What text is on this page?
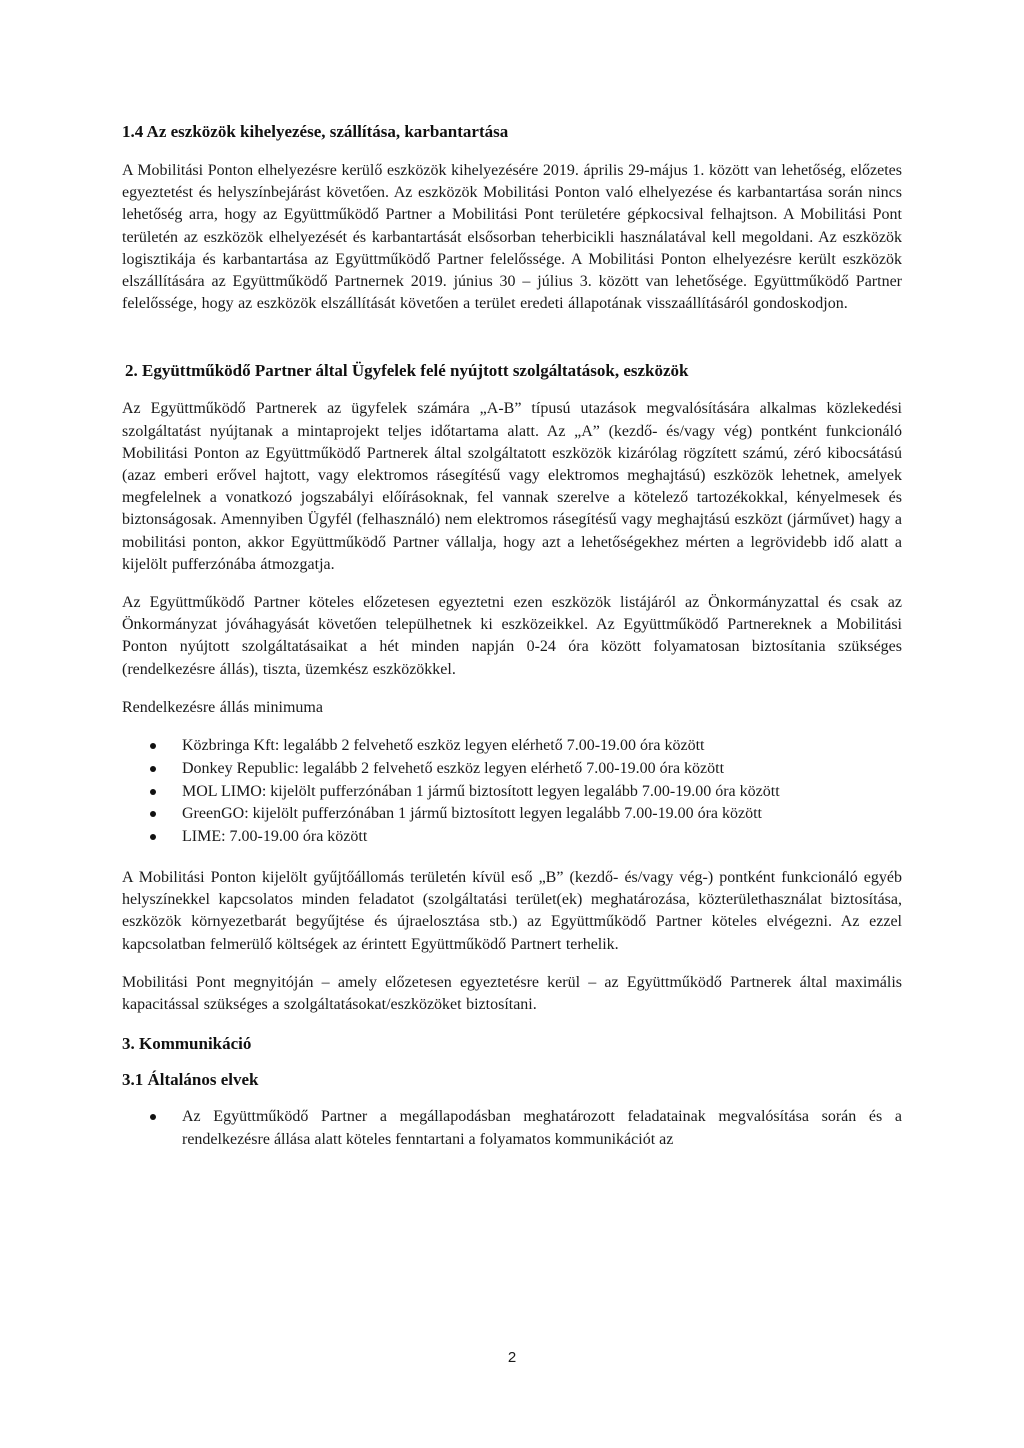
1.4 Az eszközök kihelyezése, szállítása, karbantartása

A Mobilitási Ponton elhelyezésre kerülő eszközök kihelyezésére 2019. április 29-május 1. között van lehetőség, előzetes egyeztetést és helyszínbejárást követően. Az eszközök Mobilitási Ponton való elhelyezése és karbantartása során nincs lehetőség arra, hogy az Együttműködő Partner a Mobilitási Pont területére gépkocsival felhajtson. A Mobilitási Pont területén az eszközök elhelyezését és karbantartását elsősorban teherbicikli használatával kell megoldani. Az eszközök logisztikája és karbantartása az Együttműködő Partner felelőssége. A Mobilitási Ponton elhelyezésre került eszközök elszállítására az Együttműködő Partnernek 2019. június 30 – július 3. között van lehetősége. Együttműködő Partner felelőssége, hogy az eszközök elszállítását követően a terület eredeti állapotának visszaállításáról gondoskodjon.

2. Együttműködő Partner által Ügyfelek felé nyújtott szolgáltatások, eszközök

Az Együttműködő Partnerek az ügyfelek számára „A-B” típusú utazások megvalósítására alkalmas közlekedési szolgáltatást nyújtanak a mintaprojekt teljes időtartama alatt. Az „A” (kezdő- és/vagy vég) pontként funkcionáló Mobilitási Ponton az Együttműködő Partnerek által szolgáltatott eszközök kizárólag rögzített számú, zéró kibocsátású (azaz emberi erővel hajtott, vagy elektromos rásegítésű vagy elektromos meghajtású) eszközök lehetnek, amelyek megfelelnek a vonatkozó jogszabályi előírásoknak, fel vannak szerelve a kötelező tartozékokkal, kényelmesek és biztonságosak. Amennyiben Ügyfél (felhasználó) nem elektromos rásegítésű vagy meghajtású eszközt (járművet) hagy a mobilitási ponton, akkor Együttműködő Partner vállalja, hogy azt a lehetőségekhez mérten a legrövidebb idő alatt a kijelölt pufferzónába átmozgatja.

Az Együttműködő Partner köteles előzetesen egyeztetni ezen eszközök listájáról az Önkormányzattal és csak az Önkormányzat jóváhagyását követően települhetnek ki eszközeikkel. Az Együttműködő Partnereknek a Mobilitási Ponton nyújtott szolgáltatásaikat a hét minden napján 0-24 óra között folyamatosan biztosítania szükséges (rendelkezésre állás), tiszta, üzemkész eszközökkel.

Rendelkezésre állás minimuma

Közbringa Kft: legalább 2 felvehető eszköz legyen elérhető 7.00-19.00 óra között
Donkey Republic: legalább 2 felvehető eszköz legyen elérhető 7.00-19.00 óra között
MOL LIMO: kijelölt pufferzónában 1 jármű biztosított legyen legalább 7.00-19.00 óra között
GreenGO: kijelölt pufferzónában 1 jármű biztosított legyen legalább 7.00-19.00 óra között
LIME: 7.00-19.00 óra között

A Mobilitási Ponton kijelölt gyűjtőállomás területén kívül eső „B” (kezdő- és/vagy vég-) pontként funkcionáló egyéb helyszínekkel kapcsolatos minden feladatot (szolgáltatási terület(ek) meghatározása, közterülethasználat biztosítása, eszközök környezetbarát begyűjtése és újraelosztása stb.) az Együttműködő Partner köteles elvégezni. Az ezzel kapcsolatban felmerülő költségek az érintett Együttműködő Partnert terhelik.

Mobilitási Pont megnyitóján – amely előzetesen egyeztetésre kerül – az Együttműködő Partnerek által maximális kapacitással szükséges a szolgáltatásokat/eszközöket biztosítani.

3. Kommunikáció
3.1 Általános elvek
Az Együttműködő Partner a megállapodásban meghatározott feladatainak megvalósítása során és a rendelkezésre állása alatt köteles fenntartani a folyamatos kommunikációt az
2
